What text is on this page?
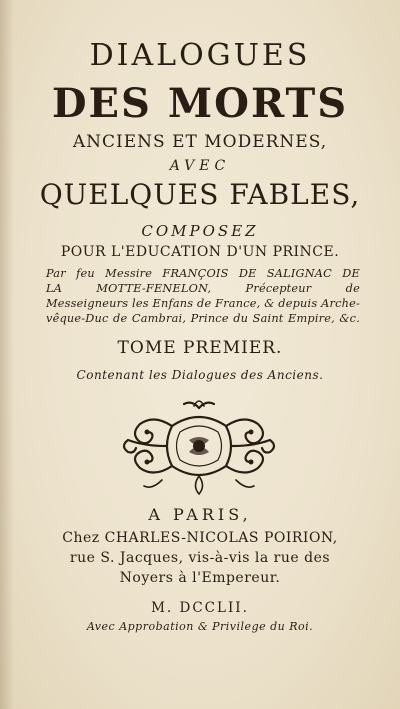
DIALOGUES
DES MORTS
ANCIENS ET MODERNES,
AVEC
QUELQUES FABLES,
COMPOSEZ
POUR L'EDUCATION D'UN PRINCE.
Par feu Messire FRANÇOIS DE SALIGNAC DE
LA MOTTE-FENELON, Précepteur de
Messeigneurs les Enfans de France, & depuis Arche-
vêque-Duc de Cambrai, Prince du Saint Empire, &c.
TOME PREMIER.
Contenant les Dialogues des Anciens.
A PARIS,
Chez CHARLES-NICOLAS POIRION,
rue S. Jacques, vis-à-vis la rue des
Noyers à l'Empereur.
M. DCCLII.
Avec Approbation & Privilege du Roi.
